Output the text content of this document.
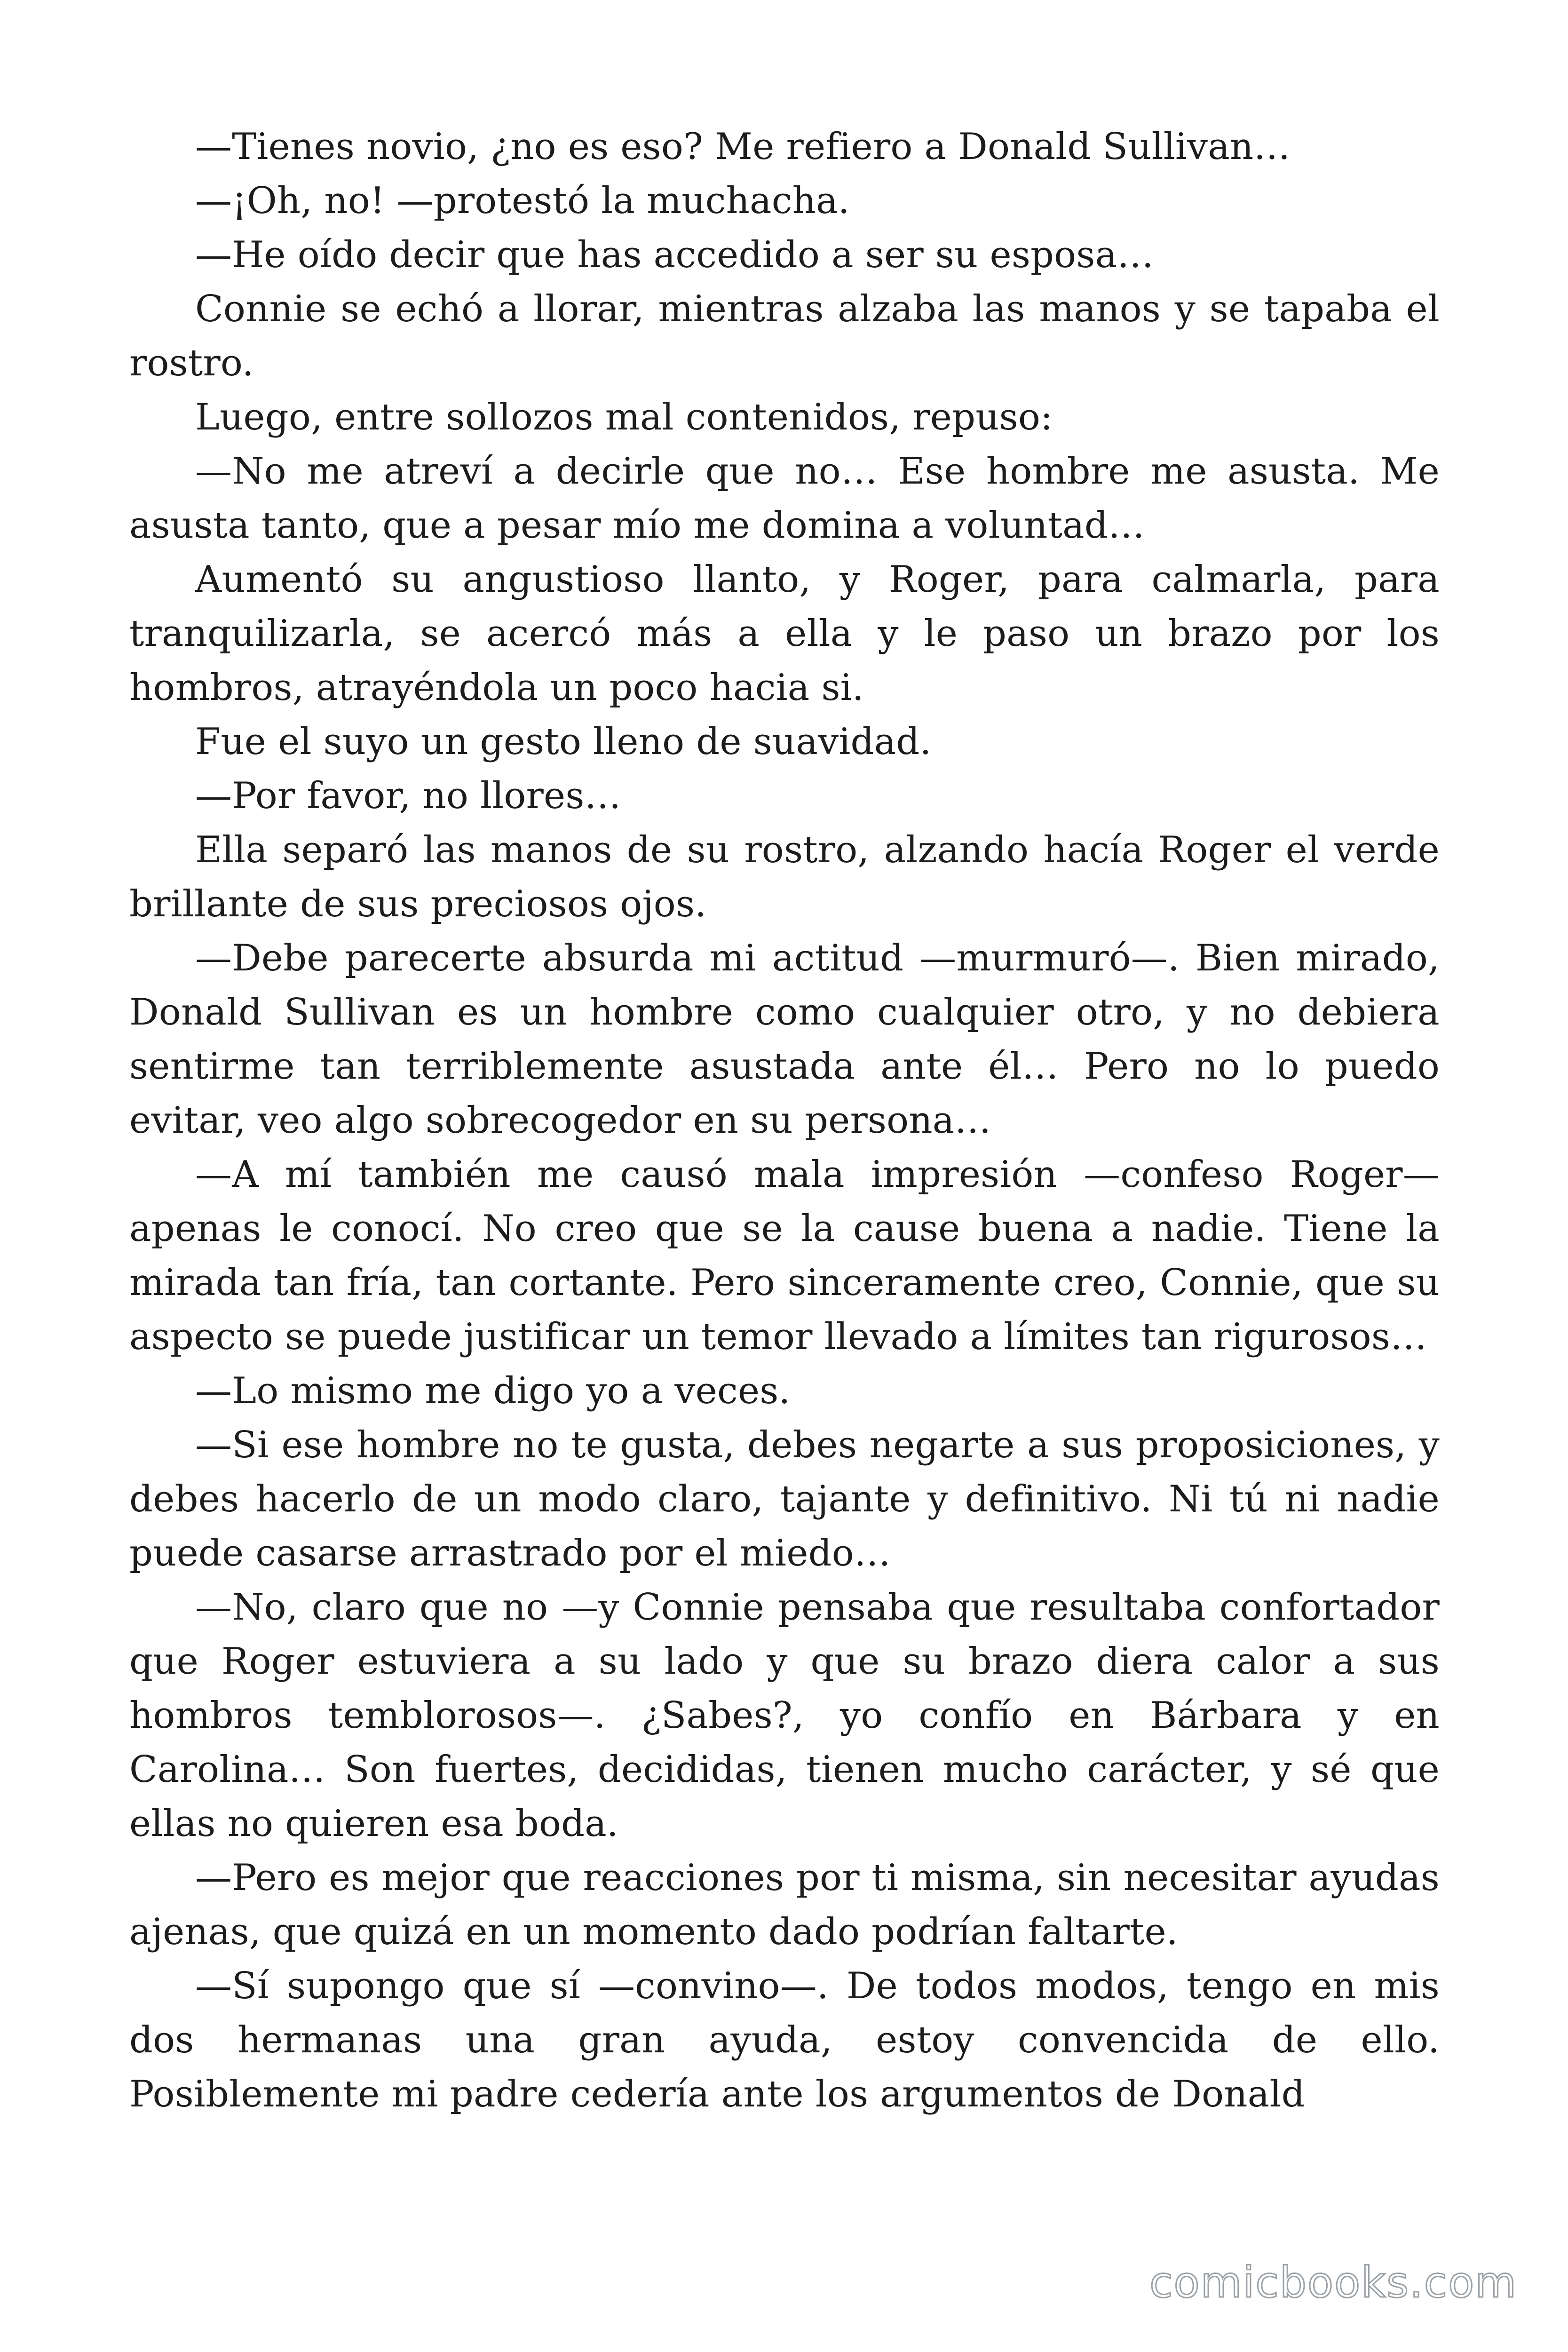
—Tienes novio, ¿no es eso? Me refiero a Donald Sullivan…

—¡Oh, no! —protestó la muchacha.

—He oído decir que has accedido a ser su esposa…

Connie se echó a llorar, mientras alzaba las manos y se tapaba el rostro.

Luego, entre sollozos mal contenidos, repuso:

—No me atreví a decirle que no… Ese hombre me asusta. Me asusta tanto, que a pesar mío me domina a voluntad…

Aumentó su angustioso llanto, y Roger, para calmarla, para tranquilizarla, se acercó más a ella y le paso un brazo por los hombros, atrayéndola un poco hacia si.

Fue el suyo un gesto lleno de suavidad.

—Por favor, no llores…

Ella separó las manos de su rostro, alzando hacía Roger el verde brillante de sus preciosos ojos.

—Debe parecerte absurda mi actitud —murmuró—. Bien mirado, Donald Sullivan es un hombre como cualquier otro, y no debiera sentirme tan terriblemente asustada ante él… Pero no lo puedo evitar, veo algo sobrecogedor en su persona…

—A mí también me causó mala impresión —confeso Roger— apenas le conocí. No creo que se la cause buena a nadie. Tiene la mirada tan fría, tan cortante. Pero sinceramente creo, Connie, que su aspecto se puede justificar un temor llevado a límites tan rigurosos…

—Lo mismo me digo yo a veces.

—Si ese hombre no te gusta, debes negarte a sus proposiciones, y debes hacerlo de un modo claro, tajante y definitivo. Ni tú ni nadie puede casarse arrastrado por el miedo…

—No, claro que no —y Connie pensaba que resultaba confortador que Roger estuviera a su lado y que su brazo diera calor a sus hombros temblorosos—. ¿Sabes?, yo confío en Bárbara y en Carolina… Son fuertes, decididas, tienen mucho carácter, y sé que ellas no quieren esa boda.

—Pero es mejor que reacciones por ti misma, sin necesitar ayudas ajenas, que quizá en un momento dado podrían faltarte.

—Sí supongo que sí —convino—. De todos modos, tengo en mis dos hermanas una gran ayuda, estoy convencida de ello. Posiblemente mi padre cedería ante los argumentos de Donald

comicbooks.com
